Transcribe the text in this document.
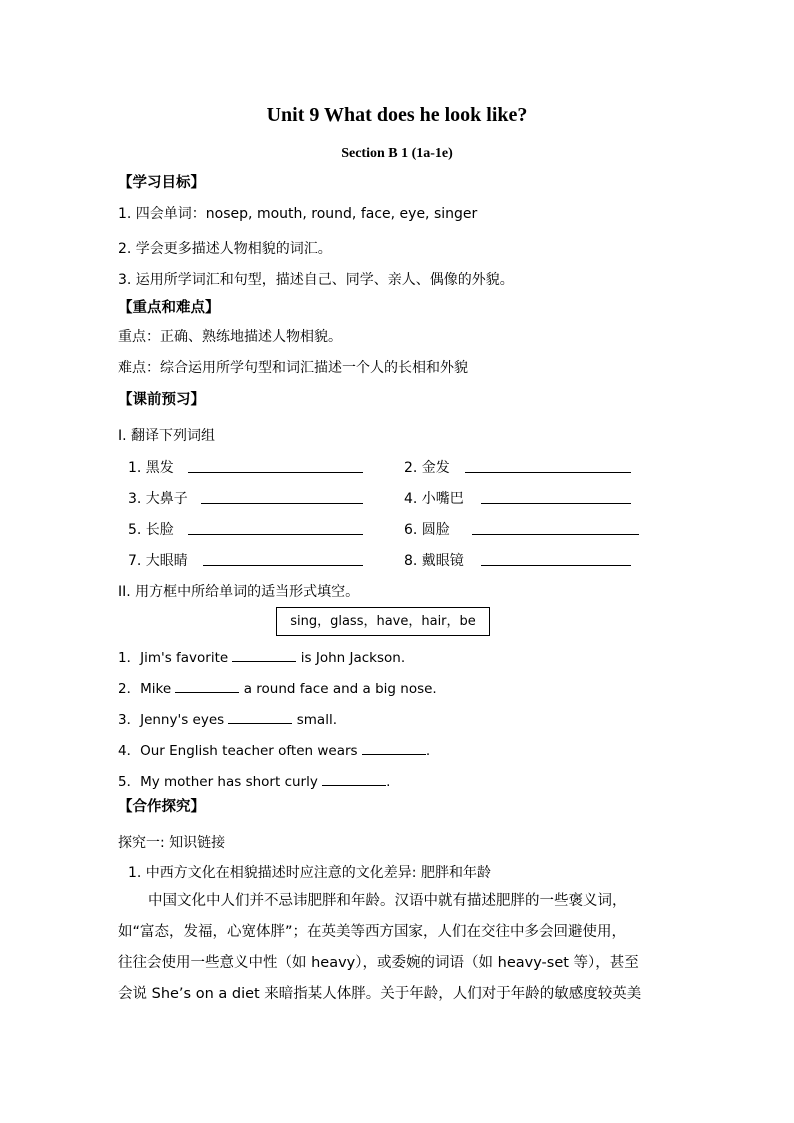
Unit 9 What does he look like?
Section B 1 (1a-1e)
【学习目标】
1. 四会单词：nosep, mouth, round, face, eye, singer
2. 学会更多描述人物相貌的词汇。
3. 运用所学词汇和句型，描述自己、同学、亲人、偶像的外貌。
【重点和难点】
重点：正确、熟练地描述人物相貌。
难点：综合运用所学句型和词汇描述一个人的长相和外貌
【课前预习】
I. 翻译下列词组
1. 黑发	2. 金发
3. 大鼻子	4. 小嘴巴
5. 长脸	6. 圆脸
7. 大眼睛	8. 戴眼镜
II. 用方框中所给单词的适当形式填空。
sing，glass，have，hair，be
1．Jim's favorite	is John Jackson.
2．Mike	a round face and a big nose.
3．Jenny's eyes	small.
4．Our English teacher often wears	.
5．My mother has short curly	.
【合作探究】
探究一: 知识链接
1. 中西方文化在相貌描述时应注意的文化差异: 肥胖和年龄
中国文化中人们并不忌讳肥胖和年龄。汉语中就有描述肥胖的一些褒义词，
如“富态，发福，心宽体胖”；在英美等西方国家，人们在交往中多会回避使用，
往往会使用一些意义中性（如 heavy），或委婉的词语（如 heavy-set 等），甚至
会说 She’s on a diet 来暗指某人体胖。关于年龄，人们对于年龄的敏感度较英美
